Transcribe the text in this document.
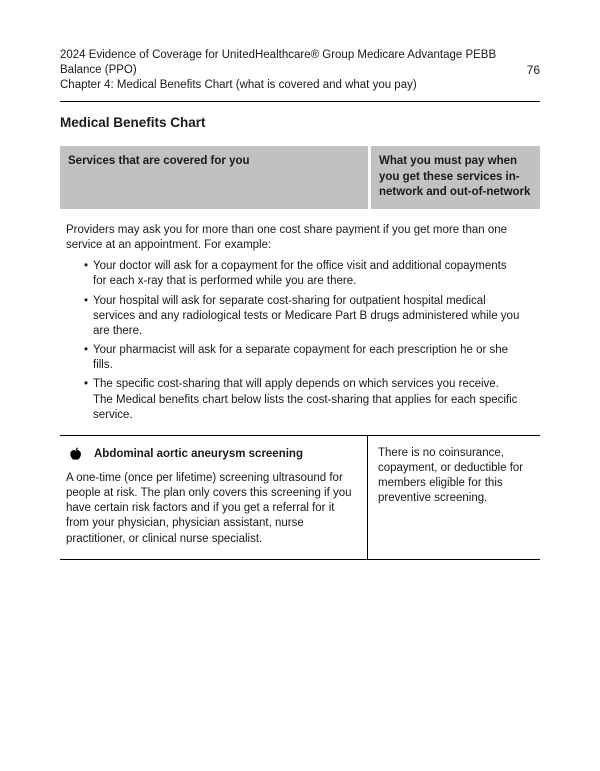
2024 Evidence of Coverage for UnitedHealthcare® Group Medicare Advantage PEBB Balance (PPO)
Chapter 4: Medical Benefits Chart (what is covered and what you pay)
76
Medical Benefits Chart
Services that are covered for you	What you must pay when you get these services in-network and out-of-network
Providers may ask you for more than one cost share payment if you get more than one service at an appointment. For example:
• Your doctor will ask for a copayment for the office visit and additional copayments for each x-ray that is performed while you are there.
• Your hospital will ask for separate cost-sharing for outpatient hospital medical services and any radiological tests or Medicare Part B drugs administered while you are there.
• Your pharmacist will ask for a separate copayment for each prescription he or she fills.
• The specific cost-sharing that will apply depends on which services you receive. The Medical benefits chart below lists the cost-sharing that applies for each specific service.
Abdominal aortic aneurysm screening
A one-time (once per lifetime) screening ultrasound for people at risk. The plan only covers this screening if you have certain risk factors and if you get a referral for it from your physician, physician assistant, nurse practitioner, or clinical nurse specialist.
There is no coinsurance, copayment, or deductible for members eligible for this preventive screening.
